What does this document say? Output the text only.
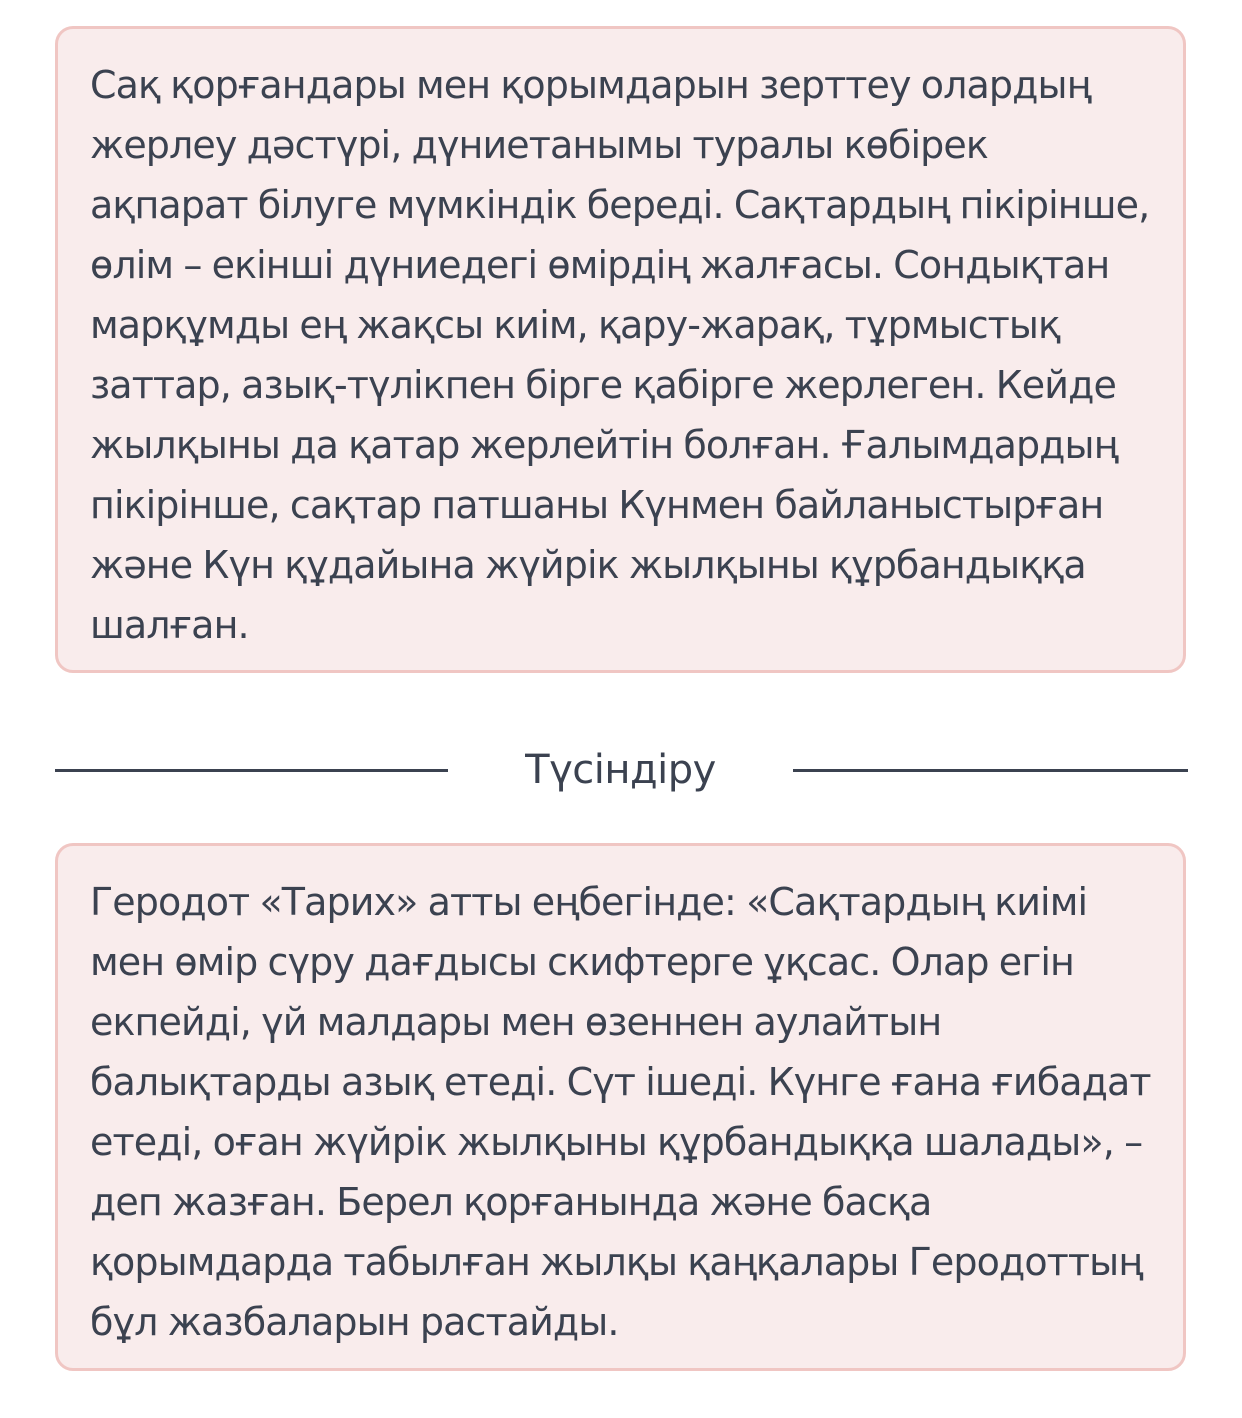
Сақ қорғандары мен қорымдарын зерттеу олардың жерлеу дәстүрі, дүниетанымы туралы көбірек ақпарат білуге мүмкіндік береді. Сақтардың пікірінше, өлім – екінші дүниедегі өмірдің жалғасы. Сондықтан марқұмды ең жақсы киім, қару-жарақ, тұрмыстық заттар, азық-түлікпен бірге қабірге жерлеген. Кейде жылқыны да қатар жерлейтін болған. Ғалымдардың пікірінше, сақтар патшаны Күнмен байланыстырған және Күн құдайына жүйрік жылқыны құрбандыққа шалған.

Түсіндіру

Геродот «Тарих» атты еңбегінде: «Сақтардың киімі мен өмір сүру дағдысы скифтерге ұқсас. Олар егін екпейді, үй малдары мен өзеннен аулайтын балықтарды азық етеді. Сүт ішеді. Күнге ғана ғибадат етеді, оған жүйрік жылқыны құрбандыққа шалады», – деп жазған. Берел қорғанында және басқа қорымдарда табылған жылқы қаңқалары Геродоттың бұл жазбаларын растайды.
